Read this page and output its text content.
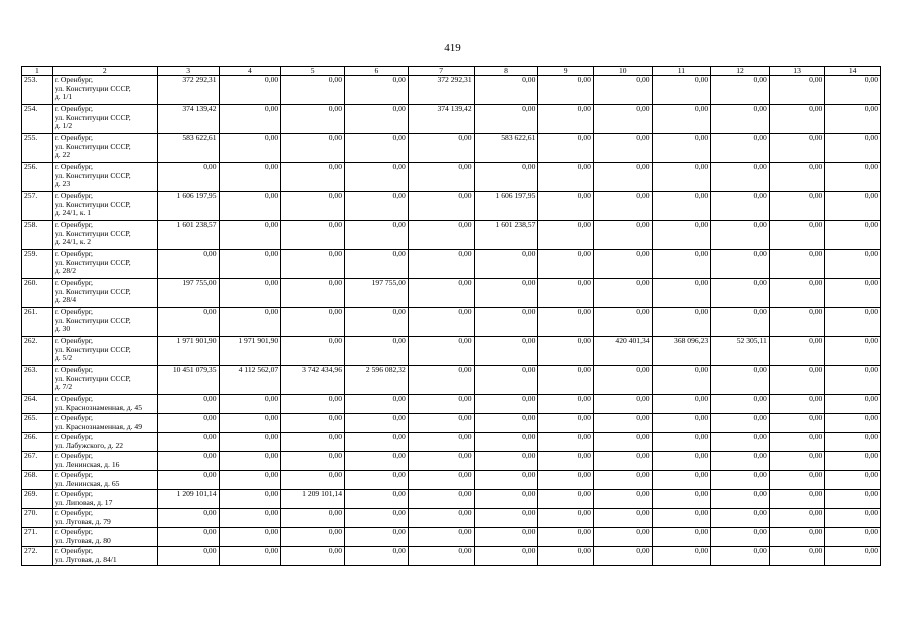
419
1	2	3	4	5	6	7	8	9	10	11	12	13	14
253.	г. Оренбург,
ул. Конституции СССР,
д. 1/1	372 292,31	0,00	0,00	0,00	372 292,31	0,00	0,00	0,00	0,00	0,00	0,00	0,00
254.	г. Оренбург,
ул. Конституции СССР,
д. 1/2	374 139,42	0,00	0,00	0,00	374 139,42	0,00	0,00	0,00	0,00	0,00	0,00	0,00
255.	г. Оренбург,
ул. Конституции СССР,
д. 22	583 622,61	0,00	0,00	0,00	0,00	583 622,61	0,00	0,00	0,00	0,00	0,00	0,00
256.	г. Оренбург,
ул. Конституции СССР,
д. 23	0,00	0,00	0,00	0,00	0,00	0,00	0,00	0,00	0,00	0,00	0,00	0,00
257.	г. Оренбург,
ул. Конституции СССР,
д. 24/1, к. 1	1 606 197,95	0,00	0,00	0,00	0,00	1 606 197,95	0,00	0,00	0,00	0,00	0,00	0,00
258.	г. Оренбург,
ул. Конституции СССР,
д. 24/1, к. 2	1 601 238,57	0,00	0,00	0,00	0,00	1 601 238,57	0,00	0,00	0,00	0,00	0,00	0,00
259.	г. Оренбург,
ул. Конституции СССР,
д. 28/2	0,00	0,00	0,00	0,00	0,00	0,00	0,00	0,00	0,00	0,00	0,00	0,00
260.	г. Оренбург,
ул. Конституции СССР,
д. 28/4	197 755,00	0,00	0,00	197 755,00	0,00	0,00	0,00	0,00	0,00	0,00	0,00	0,00
261.	г. Оренбург,
ул. Конституции СССР,
д. 30	0,00	0,00	0,00	0,00	0,00	0,00	0,00	0,00	0,00	0,00	0,00	0,00
262.	г. Оренбург,
ул. Конституции СССР,
д. 5/2	1 971 901,90	1 971 901,90	0,00	0,00	0,00	0,00	0,00	420 401,34	368 096,23	52 305,11	0,00	0,00
263.	г. Оренбург,
ул. Конституции СССР,
д. 7/2	10 451 079,35	4 112 562,07	3 742 434,96	2 596 082,32	0,00	0,00	0,00	0,00	0,00	0,00	0,00	0,00
264.	г. Оренбург,
ул. Краснознаменная, д. 45	0,00	0,00	0,00	0,00	0,00	0,00	0,00	0,00	0,00	0,00	0,00	0,00
265.	г. Оренбург,
ул. Краснознаменная, д. 49	0,00	0,00	0,00	0,00	0,00	0,00	0,00	0,00	0,00	0,00	0,00	0,00
266.	г. Оренбург,
ул. Лабужского, д. 22	0,00	0,00	0,00	0,00	0,00	0,00	0,00	0,00	0,00	0,00	0,00	0,00
267.	г. Оренбург,
ул. Ленинская, д. 16	0,00	0,00	0,00	0,00	0,00	0,00	0,00	0,00	0,00	0,00	0,00	0,00
268.	г. Оренбург,
ул. Ленинская, д. 65	0,00	0,00	0,00	0,00	0,00	0,00	0,00	0,00	0,00	0,00	0,00	0,00
269.	г. Оренбург,
ул. Липовая, д. 17	1 209 101,14	0,00	1 209 101,14	0,00	0,00	0,00	0,00	0,00	0,00	0,00	0,00	0,00
270.	г. Оренбург,
ул. Луговая, д. 79	0,00	0,00	0,00	0,00	0,00	0,00	0,00	0,00	0,00	0,00	0,00	0,00
271.	г. Оренбург,
ул. Луговая, д. 80	0,00	0,00	0,00	0,00	0,00	0,00	0,00	0,00	0,00	0,00	0,00	0,00
272.	г. Оренбург,
ул. Луговая, д. 84/1	0,00	0,00	0,00	0,00	0,00	0,00	0,00	0,00	0,00	0,00	0,00	0,00
